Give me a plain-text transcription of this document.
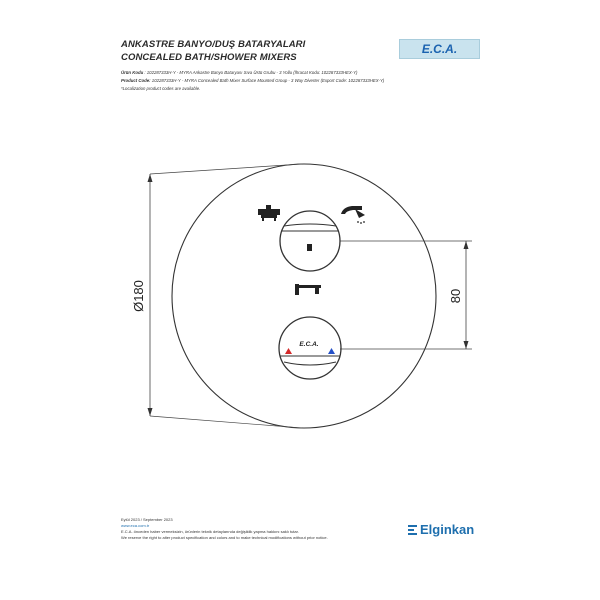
ANKASTRE BANYO/DUŞ BATARYALARI
CONCEALED BATH/SHOWER MIXERS
E.C.A.
Ürün Kodu : 102287333H-Y - MYRA Ankastre Banyo Bataryası Sıva Üstü Grubu - 3 Yollu (İhracat Kodu: 102287333HEX-Y)
Product Code: 102287333H-Y - MYRA Concealed Bath Mixer Surface Mounted Group - 3 Way Diverter (Export Code: 102287333HEX-Y)
*Localization product codes are available.
Ø180	80
E.C.A.
Eylül 2023 / September 2023
www.eca.com.tr
E.C.A. önceden haber vermeksizin, ürünlerin teknik detaylarında değişiklik yapma hakkını saklı tutar.
We reserve the right to alter product specification and colors and to make technical modifications without prior notice.
Elginkan
